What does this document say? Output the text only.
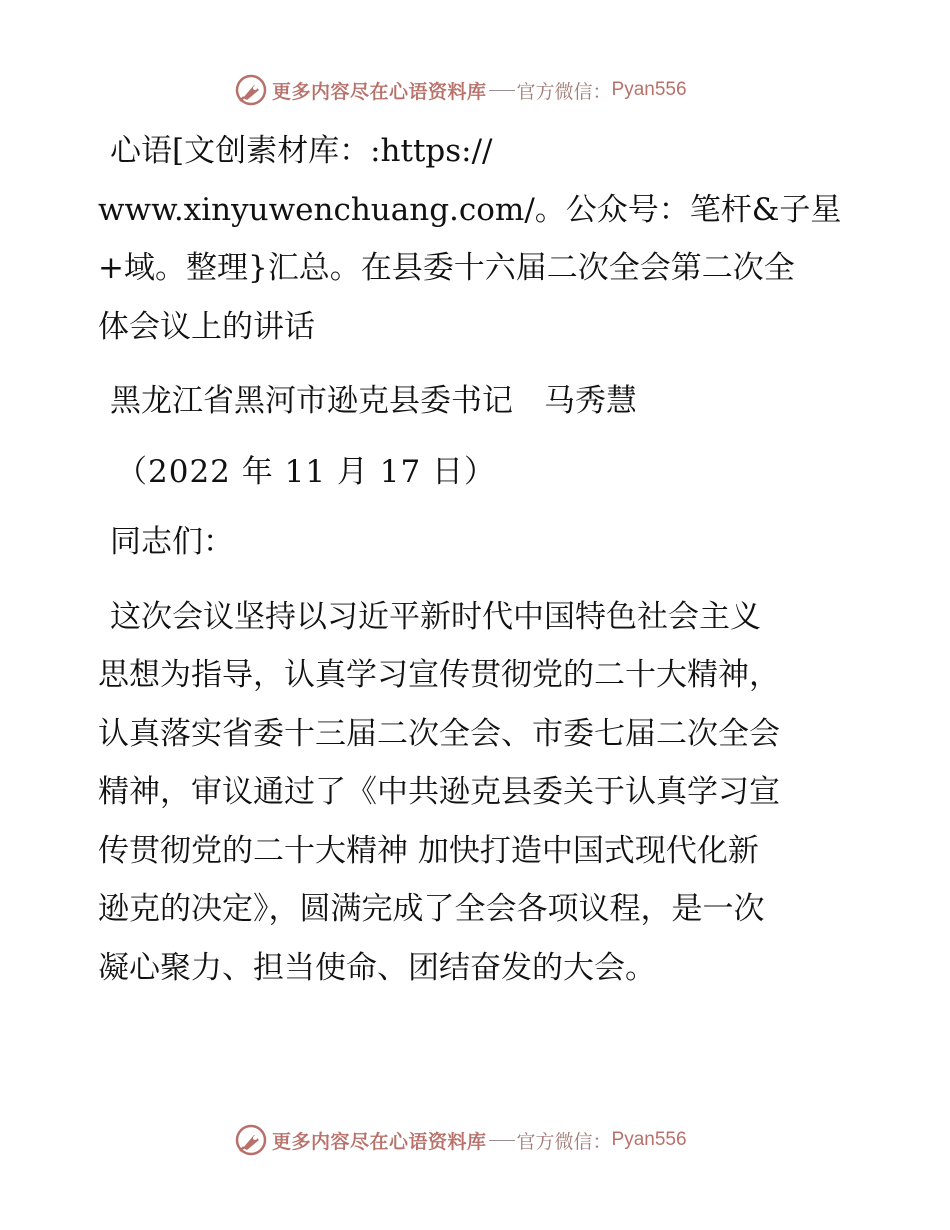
更多内容尽在心语资料库 官方微信： Pyan556

心语[文创素材库：:https://
www.xinyuwenchuang.com/。公众号：笔杆&子星
+域。整理}汇总。在县委十六届二次全会第二次全
体会议上的讲话

黑龙江省黑河市逊克县委书记　马秀慧

（2022 年 11 月 17 日）

同志们：

这次会议坚持以习近平新时代中国特色社会主义
思想为指导，认真学习宣传贯彻党的二十大精神，
认真落实省委十三届二次全会、市委七届二次全会
精神，审议通过了《中共逊克县委关于认真学习宣
传贯彻党的二十大精神 加快打造中国式现代化新
逊克的决定》，圆满完成了全会各项议程，是一次
凝心聚力、担当使命、团结奋发的大会。

更多内容尽在心语资料库 官方微信： Pyan556
